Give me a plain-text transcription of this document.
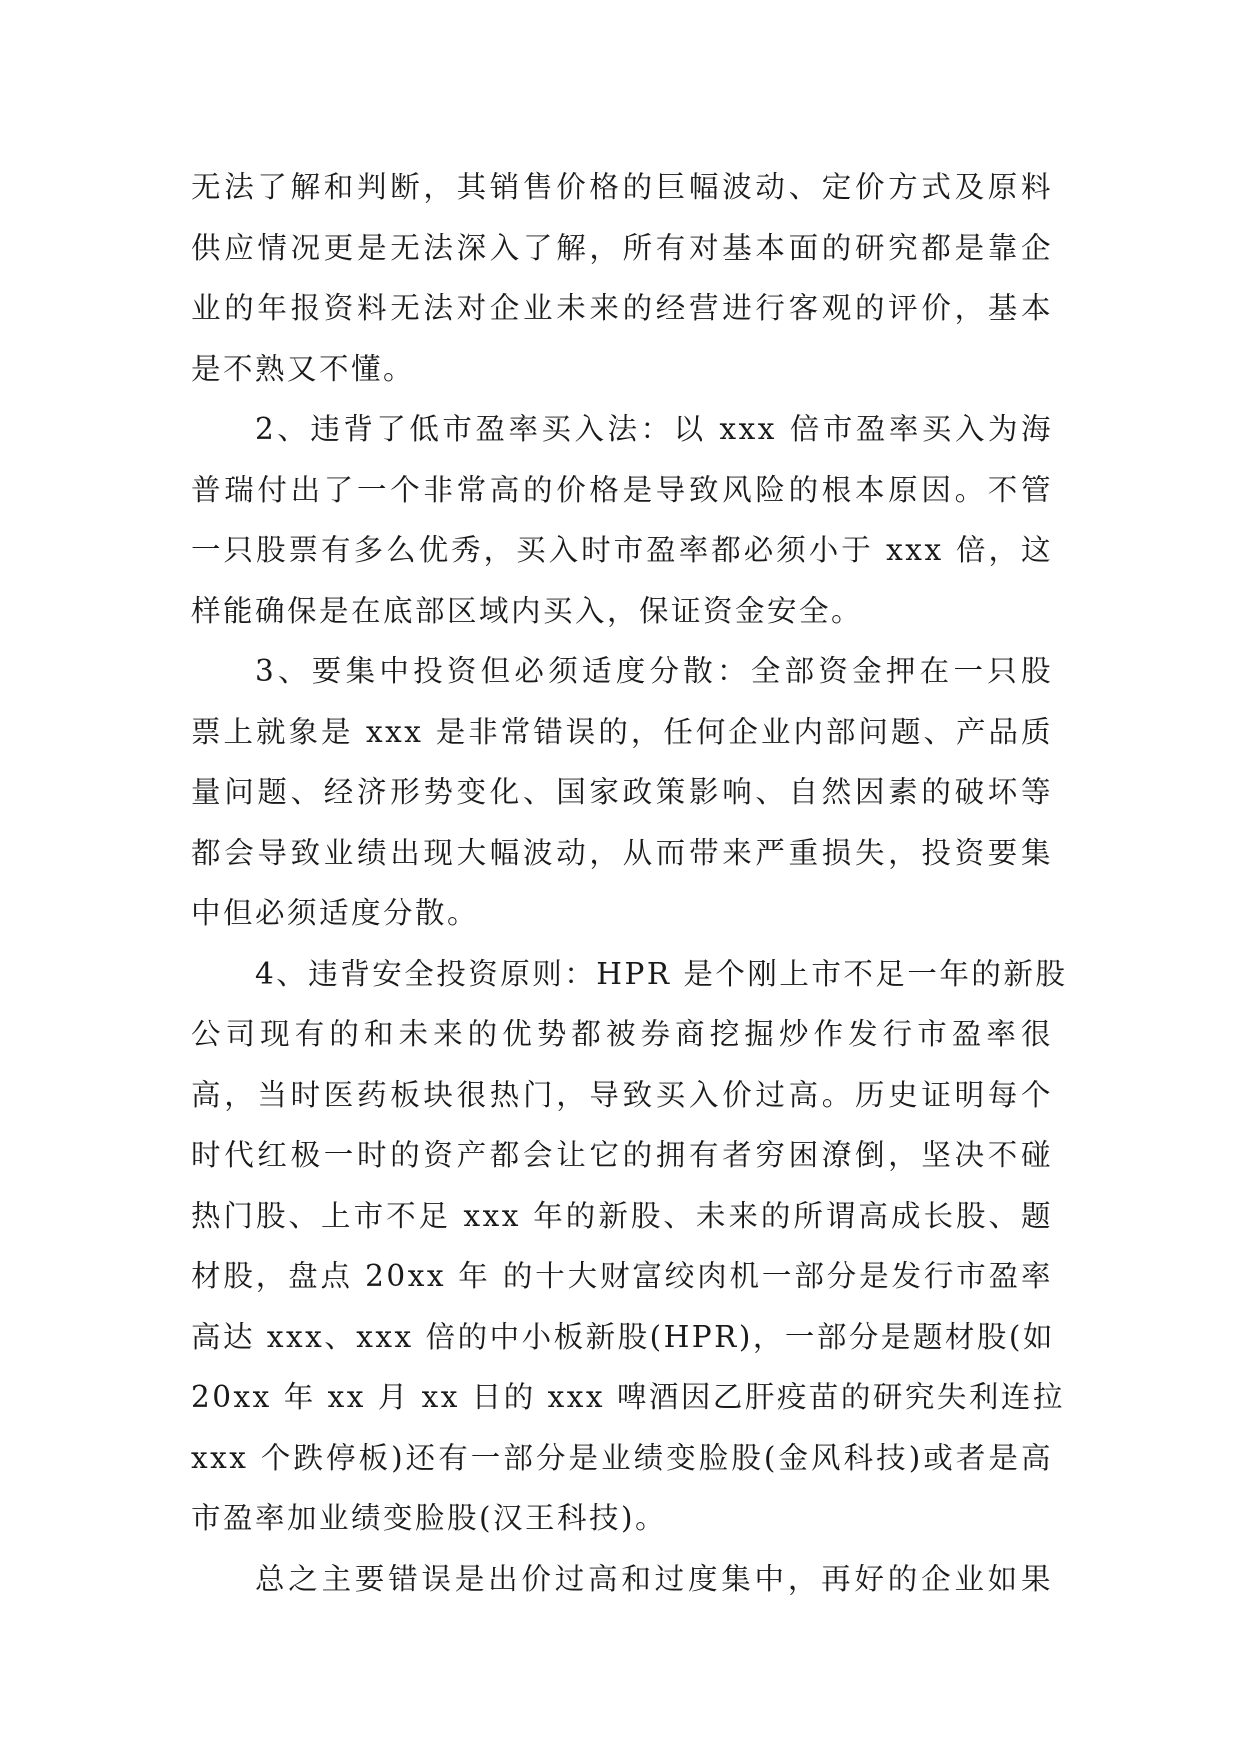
无法了解和判断，其销售价格的巨幅波动、定价方式及原料
供应情况更是无法深入了解，所有对基本面的研究都是靠企
业的年报资料无法对企业未来的经营进行客观的评价，基本
是不熟又不懂。
2、违背了低市盈率买入法：以 xxx 倍市盈率买入为海
普瑞付出了一个非常高的价格是导致风险的根本原因。不管
一只股票有多么优秀，买入时市盈率都必须小于 xxx 倍，这
样能确保是在底部区域内买入，保证资金安全。
3、要集中投资但必须适度分散：全部资金押在一只股
票上就象是 xxx 是非常错误的，任何企业内部问题、产品质
量问题、经济形势变化、国家政策影响、自然因素的破坏等
都会导致业绩出现大幅波动，从而带来严重损失，投资要集
中但必须适度分散。
4、违背安全投资原则：HPR 是个刚上市不足一年的新股
公司现有的和未来的优势都被券商挖掘炒作发行市盈率很
高，当时医药板块很热门，导致买入价过高。历史证明每个
时代红极一时的资产都会让它的拥有者穷困潦倒，坚决不碰
热门股、上市不足 xxx 年的新股、未来的所谓高成长股、题
材股，盘点 20xx 年 的十大财富绞肉机一部分是发行市盈率
高达 xxx、xxx 倍的中小板新股(HPR)，一部分是题材股(如
20xx 年 xx 月 xx 日的 xxx 啤酒因乙肝疫苗的研究失利连拉
xxx 个跌停板)还有一部分是业绩变脸股(金风科技)或者是高
市盈率加业绩变脸股(汉王科技)。
总之主要错误是出价过高和过度集中，再好的企业如果
